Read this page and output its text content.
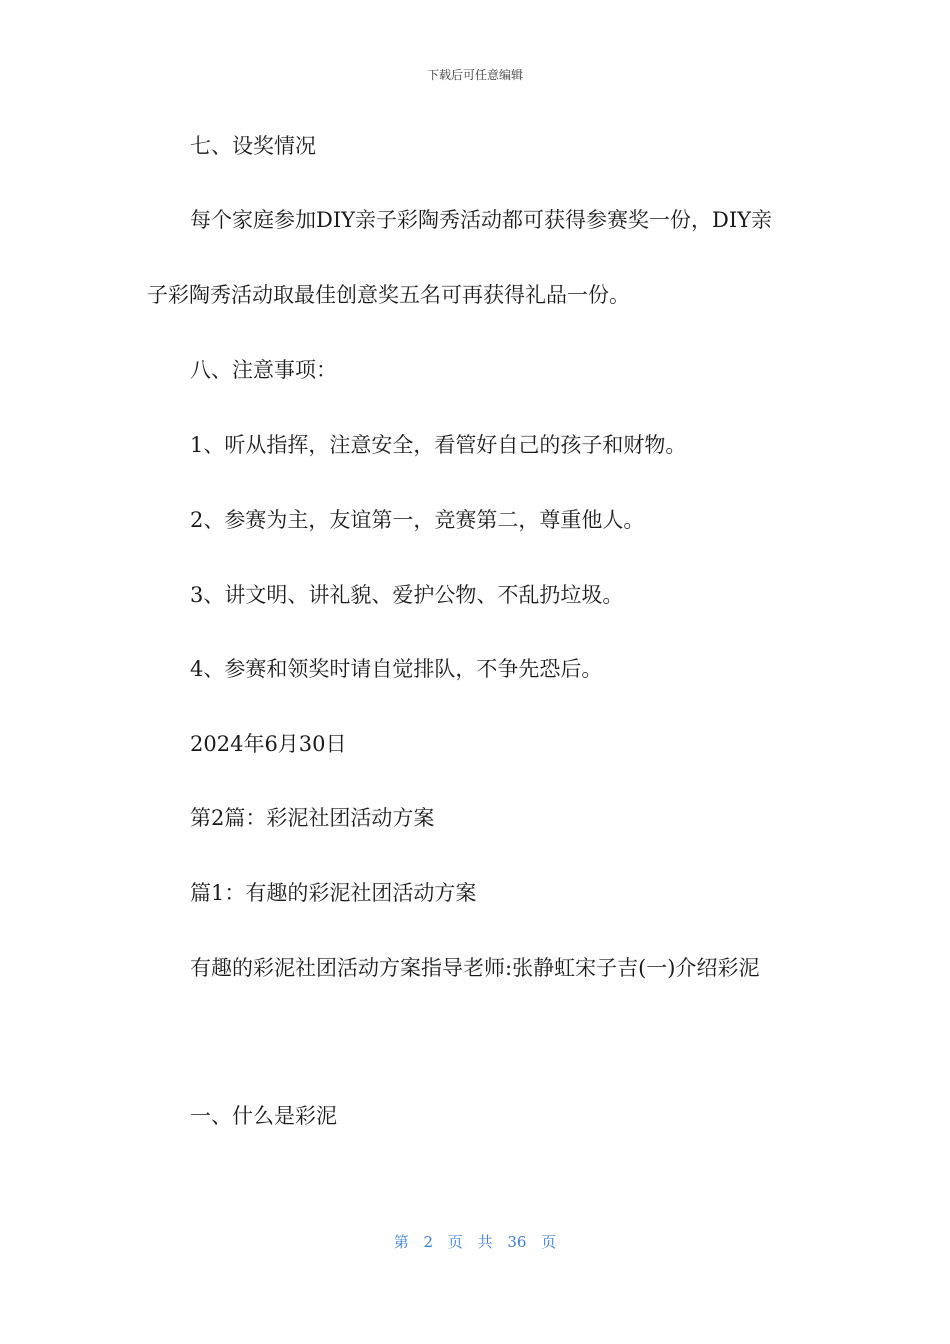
下载后可任意编辑
七、设奖情况
每个家庭参加DIY亲子彩陶秀活动都可获得参赛奖一份，DIY亲
子彩陶秀活动取最佳创意奖五名可再获得礼品一份。
八、注意事项：
1、听从指挥，注意安全，看管好自己的孩子和财物。
2、参赛为主，友谊第一，竞赛第二，尊重他人。
3、讲文明、讲礼貌、爱护公物、不乱扔垃圾。
4、参赛和领奖时请自觉排队，不争先恐后。
2024年6月30日
第2篇：彩泥社团活动方案
篇1：有趣的彩泥社团活动方案
有趣的彩泥社团活动方案指导老师:张静虹宋子吉(一)介绍彩泥
一、什么是彩泥
第 2 页 共 36 页
